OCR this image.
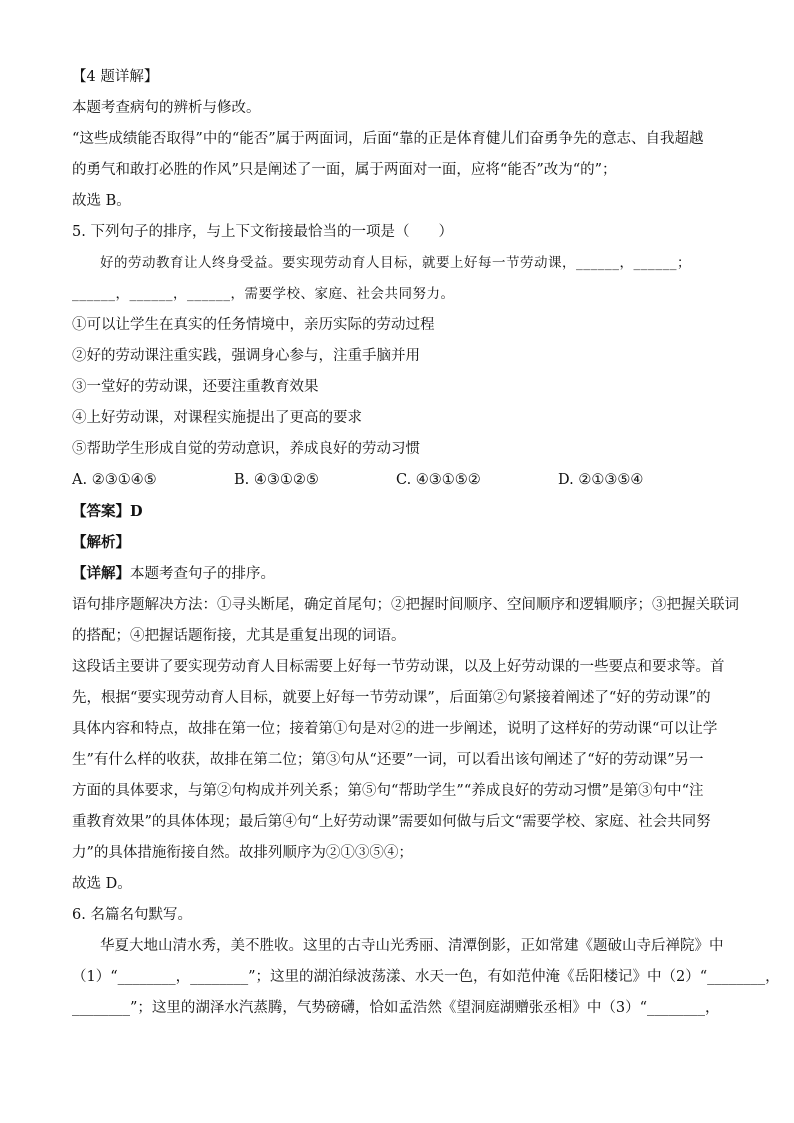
【4 题详解】
本题考查病句的辨析与修改。
“这些成绩能否取得”中的“能否”属于两面词，后面“靠的正是体育健儿们奋勇争先的意志、自我超越
的勇气和敢打必胜的作风”只是阐述了一面，属于两面对一面，应将“能否”改为“的”；
故选 B。
5. 下列句子的排序，与上下文衔接最恰当的一项是（　　）
好的劳动教育让人终身受益。要实现劳动育人目标，就要上好每一节劳动课，______，______；
______，______，______，需要学校、家庭、社会共同努力。
①可以让学生在真实的任务情境中，亲历实际的劳动过程
②好的劳动课注重实践，强调身心参与，注重手脑并用
③一堂好的劳动课，还要注重教育效果
④上好劳动课，对课程实施提出了更高的要求
⑤帮助学生形成自觉的劳动意识，养成良好的劳动习惯
A. ②③①④⑤	B. ④③①②⑤	C. ④③①⑤②	D. ②①③⑤④
【答案】D
【解析】
【详解】本题考查句子的排序。
语句排序题解决方法：①寻头断尾，确定首尾句；②把握时间顺序、空间顺序和逻辑顺序；③把握关联词
的搭配；④把握话题衔接，尤其是重复出现的词语。
这段话主要讲了要实现劳动育人目标需要上好每一节劳动课，以及上好劳动课的一些要点和要求等。首
先，根据“要实现劳动育人目标，就要上好每一节劳动课”，后面第②句紧接着阐述了“好的劳动课”的
具体内容和特点，故排在第一位；接着第①句是对②的进一步阐述，说明了这样好的劳动课“可以让学
生”有什么样的收获，故排在第二位；第③句从“还要”一词，可以看出该句阐述了“好的劳动课”另一
方面的具体要求，与第②句构成并列关系；第⑤句“帮助学生”“养成良好的劳动习惯”是第③句中“注
重教育效果”的具体体现；最后第④句“上好劳动课”需要如何做与后文“需要学校、家庭、社会共同努
力”的具体措施衔接自然。故排列顺序为②①③⑤④；
故选 D。
6. 名篇名句默写。
华夏大地山清水秀，美不胜收。这里的古寺山光秀丽、清潭倒影，正如常建《题破山寺后禅院》中
（1）“________，________”；这里的湖泊绿波荡漾、水天一色，有如范仲淹《岳阳楼记》中（2）“________，
________”；这里的湖泽水汽蒸腾，气势磅礴，恰如孟浩然《望洞庭湖赠张丞相》中（3）“________，
